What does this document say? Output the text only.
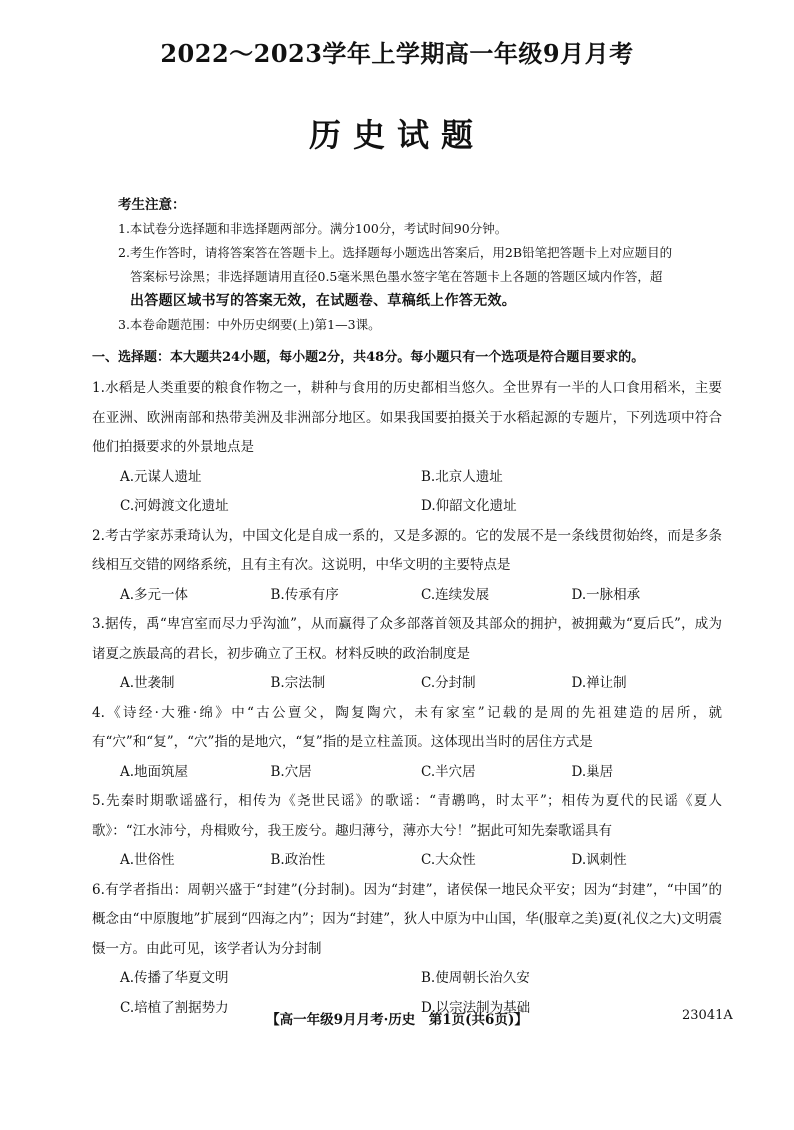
2022～2023学年上学期高一年级9月月考
历史试题
考生注意：
1.本试卷分选择题和非选择题两部分。满分100分，考试时间90分钟。
2.考生作答时，请将答案答在答题卡上。选择题每小题选出答案后，用2B铅笔把答题卡上对应题目的
答案标号涂黑；非选择题请用直径0.5毫米黑色墨水签字笔在答题卡上各题的答题区域内作答，超
出答题区域书写的答案无效，在试题卷、草稿纸上作答无效。
3.本卷命题范围：中外历史纲要(上)第1—3课。
一、选择题：本大题共24小题，每小题2分，共48分。每小题只有一个选项是符合题目要求的。
1.水稻是人类重要的粮食作物之一，耕种与食用的历史都相当悠久。全世界有一半的人口食用稻米，主要在亚洲、欧洲南部和热带美洲及非洲部分地区。如果我国要拍摄关于水稻起源的专题片，下列选项中符合他们拍摄要求的外景地点是
A.元谋人遗址	B.北京人遗址
C.河姆渡文化遗址	D.仰韶文化遗址
2.考古学家苏秉琦认为，中国文化是自成一系的，又是多源的。它的发展不是一条线贯彻始终，而是多条线相互交错的网络系统，且有主有次。这说明，中华文明的主要特点是
A.多元一体	B.传承有序	C.连续发展	D.一脉相承
3.据传，禹“卑宫室而尽力乎沟洫”，从而赢得了众多部落首领及其部众的拥护，被拥戴为“夏后氏”，成为诸夏之族最高的君长，初步确立了王权。材料反映的政治制度是
A.世袭制	B.宗法制	C.分封制	D.禅让制
4.《诗经·大雅·绵》中“古公亶父，陶复陶穴，未有家室”记载的是周的先祖建造的居所，就有“穴”和“复”，“穴”指的是地穴，“复”指的是立柱盖顶。这体现出当时的居住方式是
A.地面筑屋	B.穴居	C.半穴居	D.巢居
5.先秦时期歌谣盛行，相传为《尧世民谣》的歌谣：“青鹕鸣，时太平”；相传为夏代的民谣《夏人歌》：“江水沛兮，舟楫败兮，我王废兮。趣归薄兮，薄亦大兮！”据此可知先秦歌谣具有
A.世俗性	B.政治性	C.大众性	D.讽刺性
6.有学者指出：周朝兴盛于“封建”(分封制)。因为“封建”，诸侯保一地民众平安；因为“封建”，“中国”的概念由“中原腹地”扩展到“四海之内”；因为“封建”，狄人中原为中山国，华(服章之美)夏(礼仪之大)文明震慑一方。由此可见，该学者认为分封制
A.传播了华夏文明	B.使周朝长治久安
C.培植了割据势力	D.以宗法制为基础
【高一年级9月月考·历史　第1页(共6页)】	23041A
